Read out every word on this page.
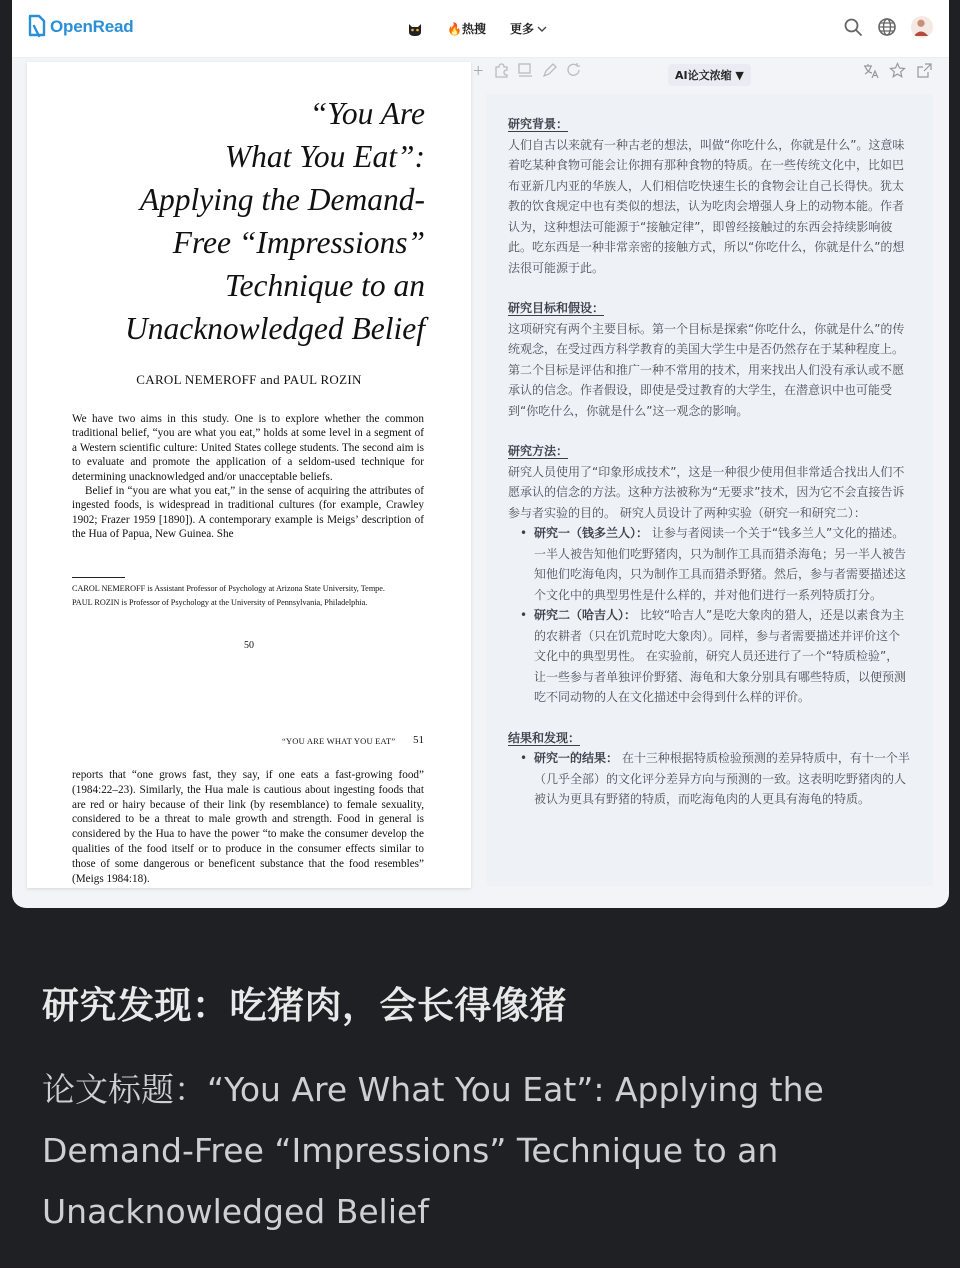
OpenRead	🔥热搜 更多
“You Are
What You Eat”:
Applying the Demand-
Free “Impressions”
Technique to an
Unacknowledged Belief
CAROL NEMEROFF and PAUL ROZIN

We have two aims in this study. One is to explore whether the common traditional belief, “you are what you eat,” holds at some level in a segment of a Western scientific culture: United States college students. The second aim is to evaluate and promote the application of a seldom-used technique for determining unacknowledged and/or unacceptable beliefs.

Belief in “you are what you eat,” in the sense of acquiring the attributes of ingested foods, is widespread in traditional cultures (for example, Crawley 1902; Frazer 1959 [1890]). A contemporary example is Meigs’ description of the Hua of Papua, New Guinea. She

CAROL NEMEROFF is Assistant Professor of Psychology at Arizona State University, Tempe.
PAUL ROZIN is Professor of Psychology at the University of Pennsylvania, Philadelphia.
50
“YOU ARE WHAT YOU EAT” 51
reports that “one grows fast, they say, if one eats a fast-growing food” (1984:22–23). Similarly, the Hua male is cautious about ingesting foods that are red or hairy because of their link (by resemblance) to female sexuality, considered to be a threat to male growth and strength. Food in general is considered by the Hua to have the power “to make the consumer develop the qualities of the food itself or to produce in the consumer effects similar to those of some dangerous or beneficent substance that the food resembles” (Meigs 1984:18).
AI论文浓缩 ▼
研究背景：
人们自古以来就有一种古老的想法，叫做“你吃什么，你就是什么”。这意味着吃某种食物可能会让你拥有那种食物的特质。在一些传统文化中，比如巴布亚新几内亚的华族人，人们相信吃快速生长的食物会让自己长得快。犹太教的饮食规定中也有类似的想法，认为吃肉会增强人身上的动物本能。作者认为，这种想法可能源于“接触定律”，即曾经接触过的东西会持续影响彼此。吃东西是一种非常亲密的接触方式，所以“你吃什么，你就是什么”的想法很可能源于此。
研究目标和假设：
这项研究有两个主要目标。第一个目标是探索“你吃什么，你就是什么”的传统观念，在受过西方科学教育的美国大学生中是否仍然存在于某种程度上。第二个目标是评估和推广一种不常用的技术，用来找出人们没有承认或不愿承认的信念。作者假设，即使是受过教育的大学生，在潜意识中也可能受到“你吃什么，你就是什么”这一观念的影响。
研究方法：
研究人员使用了“印象形成技术”，这是一种很少使用但非常适合找出人们不愿承认的信念的方法。这种方法被称为“无要求”技术，因为它不会直接告诉参与者实验的目的。 研究人员设计了两种实验（研究一和研究二）：
• 研究一（钱多兰人）： 让参与者阅读一个关于“钱多兰人”文化的描述。一半人被告知他们吃野猪肉，只为制作工具而猎杀海龟；另一半人被告知他们吃海龟肉，只为制作工具而猎杀野猪。然后，参与者需要描述这个文化中的典型男性是什么样的，并对他们进行一系列特质打分。
• 研究二（哈吉人）： 比较“哈吉人”是吃大象肉的猎人，还是以素食为主的农耕者（只在饥荒时吃大象肉）。同样，参与者需要描述并评价这个文化中的典型男性。 在实验前，研究人员还进行了一个“特质检验”，让一些参与者单独评价野猪、海龟和大象分别具有哪些特质，以便预测吃不同动物的人在文化描述中会得到什么样的评价。
结果和发现：
• 研究一的结果： 在十三种根据特质检验预测的差异特质中，有十一个半（几乎全部）的文化评分差异方向与预测的一致。这表明吃野猪肉的人被认为更具有野猪的特质，而吃海龟肉的人更具有海龟的特质。
研究发现：吃猪肉，会长得像猪
论文标题：“You Are What You Eat”: Applying the Demand-Free “Impressions” Technique to an Unacknowledged Belief
